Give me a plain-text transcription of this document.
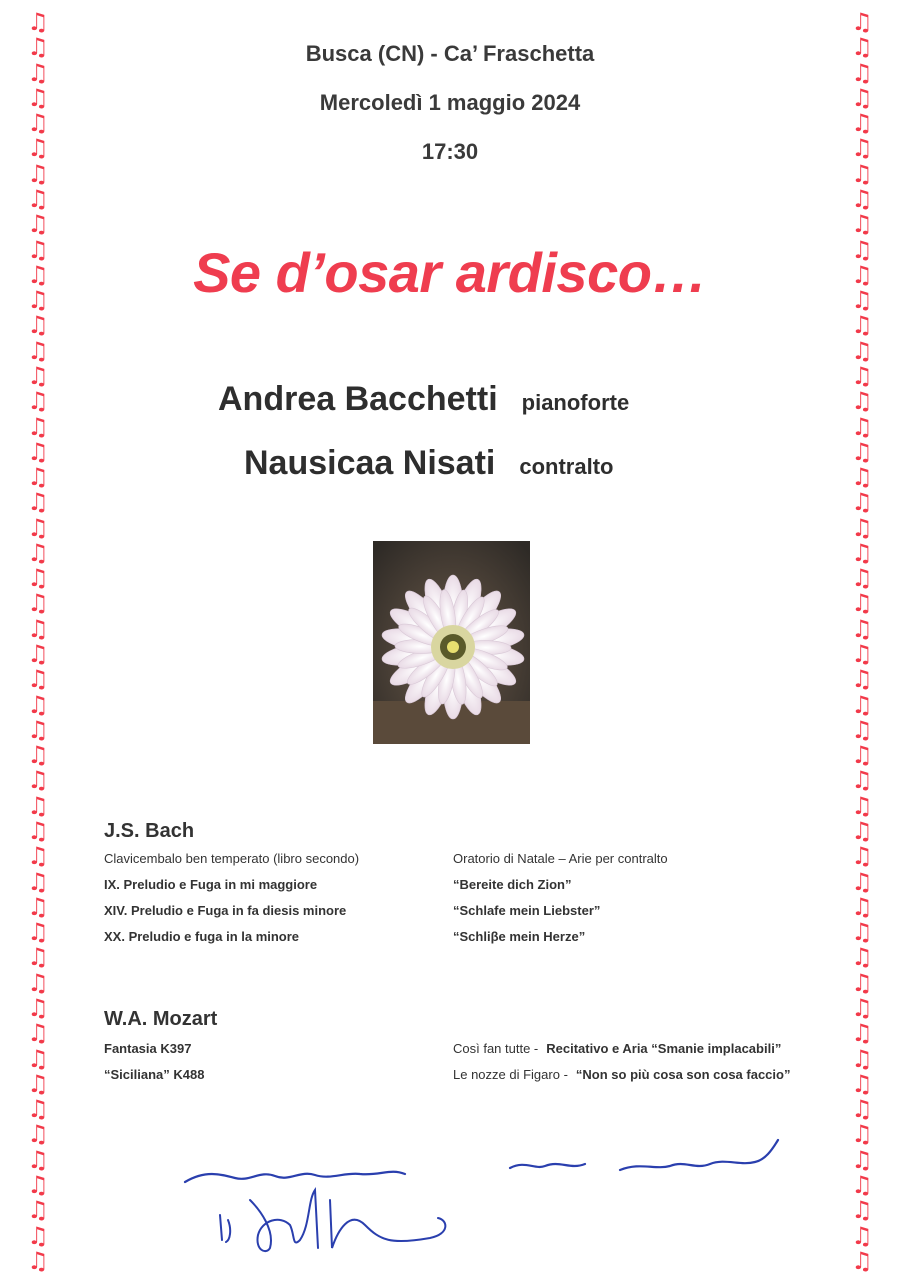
♫
♫
♫
♫
♫
♫
♫
♫
♫
♫
♫
♫
♫
♫
♫
♫
♫
♫
♫
♫
♫
♫
♫
♫
♫
♫
♫
♫
♫
♫
♫
♫
♫
♫
♫
♫
♫
♫
♫
♫
♫
♫
♫
♫
♫
♫
♫
♫
♫
♫
♫
♫
♫
♫
♫
♫
♫
♫
♫
♫
♫
♫
♫
♫
♫
♫
♫
♫
♫
♫
♫
♫
♫
♫
♫
♫
♫
♫
♫
♫
♫
♫
♫
♫
♫
♫
♫
♫
♫
♫
♫
♫
♫
♫
♫
♫
♫
♫
♫
♫

Busca (CN) - Ca’ Fraschetta

Mercoledì 1 maggio 2024

17:30

Se d’osar ardisco…
Andrea Bacchetti pianoforte
Nausicaa Nisati contralto
J.S. Bach
Clavicembalo ben temperato (libro secondo)
IX. Preludio e Fuga in mi maggiore
XIV. Preludio e Fuga in fa diesis minore
XX. Preludio e fuga in la minore
Oratorio di Natale – Arie per contralto
“Bereite dich Zion”
“Schlafe mein Liebster”
“Schliβe mein Herze”
W.A. Mozart
Fantasia K397
“Siciliana” K488
Così fan tutte - Recitativo e Aria “Smanie implacabili”
Le nozze di Figaro - “Non so più cosa son cosa faccio”
